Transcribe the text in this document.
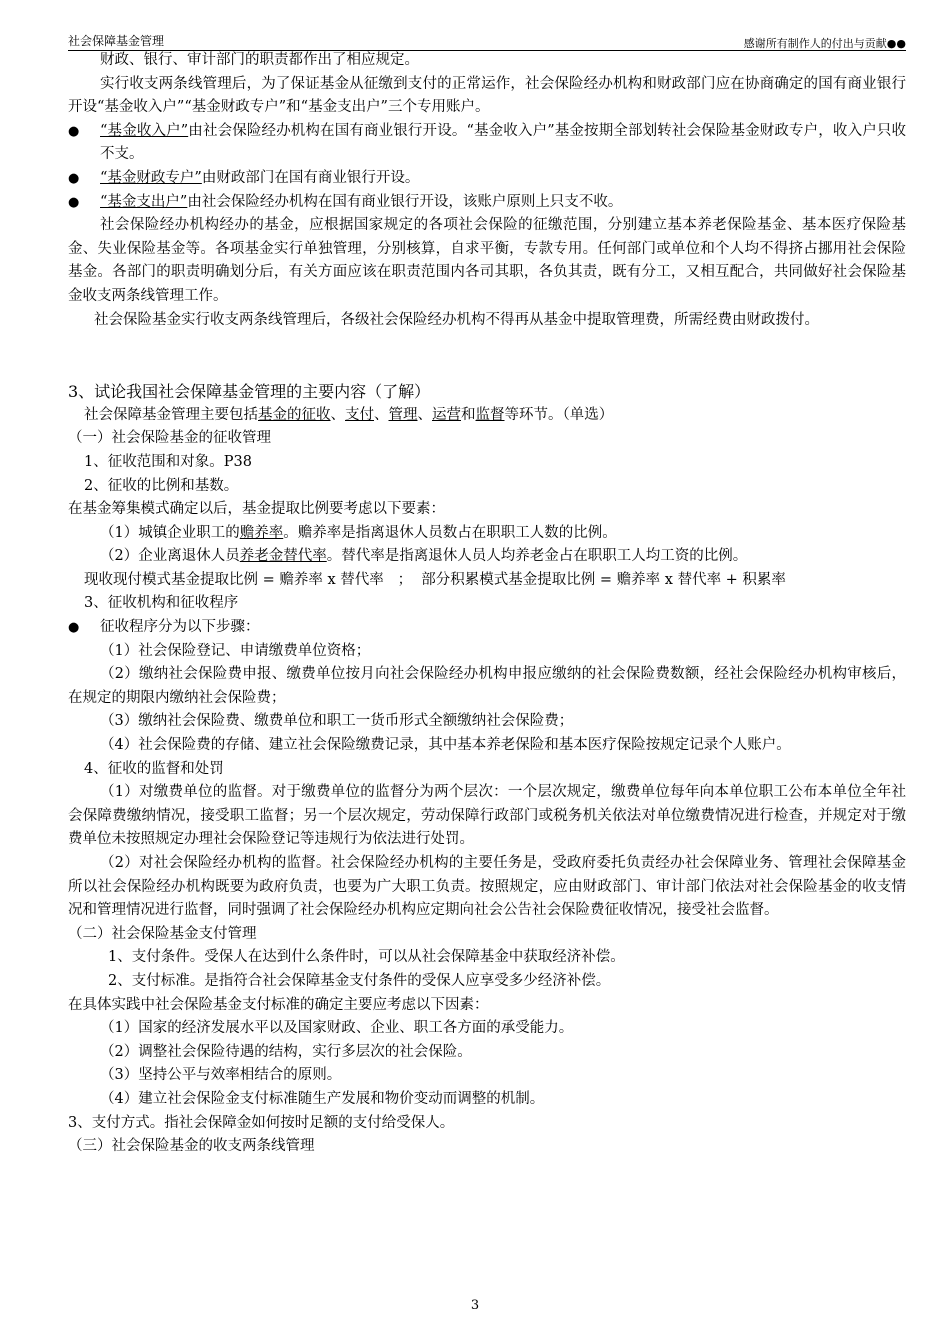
社会保障基金管理	感谢所有制作人的付出与贡献●●

财政、银行、审计部门的职责都作出了相应规定。

实行收支两条线管理后，为了保证基金从征缴到支付的正常运作，社会保险经办机构和财政部门应在协商确定的国有商业银行开设“基金收入户”“基金财政专户”和“基金支出户”三个专用账户。

● “基金收入户”由社会保险经办机构在国有商业银行开设。“基金收入户”基金按期全部划转社会保险基金财政专户，收入户只收不支。

● “基金财政专户”由财政部门在国有商业银行开设。

● “基金支出户”由社会保险经办机构在国有商业银行开设，该账户原则上只支不收。

社会保险经办机构经办的基金，应根据国家规定的各项社会保险的征缴范围，分别建立基本养老保险基金、基本医疗保险基金、失业保险基金等。各项基金实行单独管理，分别核算，自求平衡，专款专用。任何部门或单位和个人均不得挤占挪用社会保险基金。各部门的职责明确划分后，有关方面应该在职责范围内各司其职，各负其责，既有分工，又相互配合，共同做好社会保险基金收支两条线管理工作。

社会保险基金实行收支两条线管理后，各级社会保险经办机构不得再从基金中提取管理费，所需经费由财政拨付。

3、试论我国社会保障基金管理的主要内容（了解）

社会保障基金管理主要包括基金的征收、支付、管理、运营和监督等环节。（单选）

（一）社会保险基金的征收管理

1、征收范围和对象。P38

2、征收的比例和基数。

在基金筹集模式确定以后，基金提取比例要考虑以下要素：

（1）城镇企业职工的赡养率。赡养率是指离退休人员数占在职职工人数的比例。

（2）企业离退休人员养老金替代率。替代率是指离退休人员人均养老金占在职职工人均工资的比例。

现收现付模式基金提取比例 = 赡养率 x 替代率   ；  部分积累模式基金提取比例 = 赡养率 x 替代率 + 积累率

3、征收机构和征收程序

● 征收程序分为以下步骤：

（1）社会保险登记、申请缴费单位资格；

（2）缴纳社会保险费申报、缴费单位按月向社会保险经办机构申报应缴纳的社会保险费数额，经社会保险经办机构审核后，在规定的期限内缴纳社会保险费；

（3）缴纳社会保险费、缴费单位和职工一货币形式全额缴纳社会保险费；

（4）社会保险费的存储、建立社会保险缴费记录，其中基本养老保险和基本医疗保险按规定记录个人账户。

4、征收的监督和处罚

（1）对缴费单位的监督。对于缴费单位的监督分为两个层次：一个层次规定，缴费单位每年向本单位职工公布本单位全年社会保障费缴纳情况，接受职工监督；另一个层次规定，劳动保障行政部门或税务机关依法对单位缴费情况进行检查，并规定对于缴费单位未按照规定办理社会保险登记等违规行为依法进行处罚。

（2）对社会保险经办机构的监督。社会保险经办机构的主要任务是，受政府委托负责经办社会保障业务、管理社会保障基金所以社会保险经办机构既要为政府负责，也要为广大职工负责。按照规定，应由财政部门、审计部门依法对社会保险基金的收支情况和管理情况进行监督，同时强调了社会保险经办机构应定期向社会公告社会保险费征收情况，接受社会监督。

（二）社会保险基金支付管理

1、支付条件。受保人在达到什么条件时，可以从社会保障基金中获取经济补偿。

2、支付标准。是指符合社会保障基金支付条件的受保人应享受多少经济补偿。

在具体实践中社会保险基金支付标准的确定主要应考虑以下因素：

（1）国家的经济发展水平以及国家财政、企业、职工各方面的承受能力。

（2）调整社会保险待遇的结构，实行多层次的社会保险。

（3）坚持公平与效率相结合的原则。

（4）建立社会保险金支付标准随生产发展和物价变动而调整的机制。

3、支付方式。指社会保障金如何按时足额的支付给受保人。

（三）社会保险基金的收支两条线管理

3
